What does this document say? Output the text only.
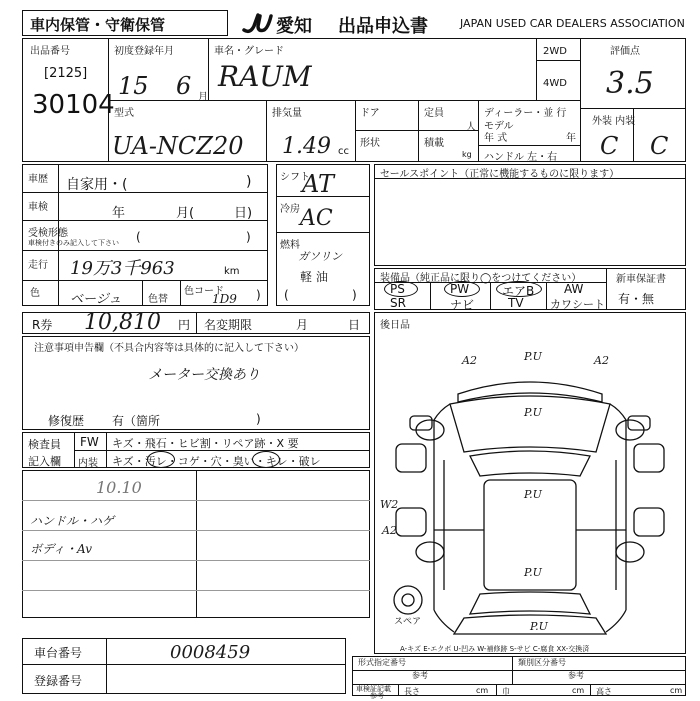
車内保管・守衛保管	愛知 出品申込書	JAPAN USED CAR DEALERS ASSOCIATION
出品番号
[2125]
30104
初度登録年月
15 6 月
車名・グレード
RAUM
2WD
4WD
評価点
3.5
外装 内装
C C
型式
UA-NCZ20
排気量
1.49 cc
ドア	定員
人
形状	積載
kg
ディーラー・並 行
モデル
年 式	年
ハンドル 左・右
車歴 自家用・(	)
車検	年	月(	日)
受検形態
車検付きのみ記入して下さい (	)
走行 19万3千963	km
色 ベージュ	色替
色コード
1D9 )
シフト
AT
冷房 AC
燃料
ガソリン
軽 油
(	)
セールスポイント（正常に機能するものに限ります）
装備品（純正品に限り◯をつけてください）
PS	PW	エアB AW
SR	ナビ	TV カワシート
新車保証書
有・無
R券 10,810 円 名変期限	月	日
注意事項申告欄（不具合内容等は具体的に記入して下さい）
メーター交換あり
修復歴 有（箇所	)
検査員
記入欄
FW キズ・飛石・ヒビ割・リペア跡・X 要
内装 キズ・汚レ・コゲ・穴・臭い・キレ・破レ
10.10
ハンドル・ハゲ
ボディ・Av
車台番号	0008459
登録番号
形式指定番号
参考
類別区分番号
参考
車検証記載
参考	長さ	cm 巾	cm 高さ	cm
後日品
A2	P.U	A2
P.U
P.U
W2
A2
P.U
P.U
スペア
A-キズ E-エクボ U-凹み W-補修跡 S-サビ C-腐食 XX-交換済
